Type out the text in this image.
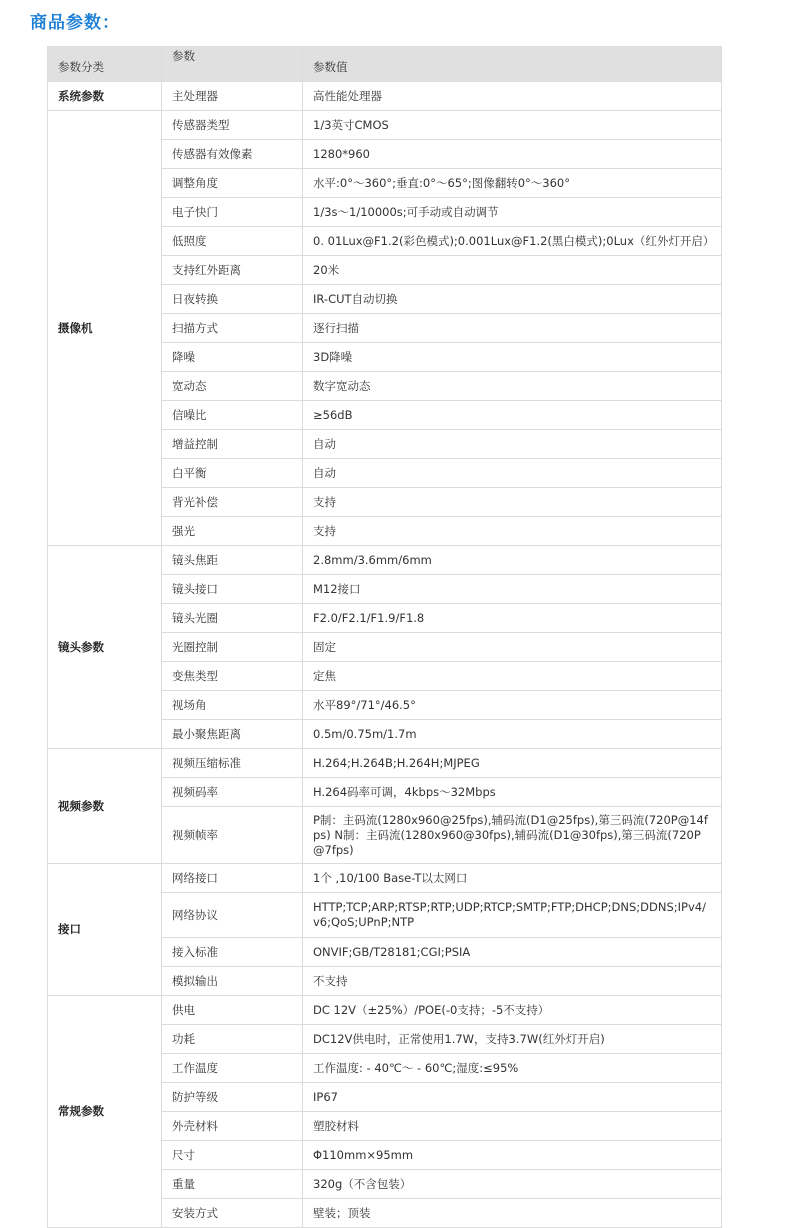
商品参数：
参数分类	参数	参数值
系统参数	主处理器	高性能处理器
摄像机	传感器类型	1/3英寸CMOS
	传感器有效像素	1280*960
	调整角度	水平:0°～360°;垂直:0°～65°;图像翻转0°～360°
	电子快门	1/3s～1/10000s;可手动或自动调节
	低照度	0. 01Lux@F1.2(彩色模式);0.001Lux@F1.2(黑白模式);0Lux（红外灯开启）
	支持红外距离	20米
	日夜转换	IR-CUT自动切换
	扫描方式	逐行扫描
	降噪	3D降噪
	宽动态	数字宽动态
	信噪比	≥56dB
	增益控制	自动
	白平衡	自动
	背光补偿	支持
	强光	支持
镜头参数	镜头焦距	2.8mm/3.6mm/6mm
	镜头接口	M12接口
	镜头光圈	F2.0/F2.1/F1.9/F1.8
	光圈控制	固定
	变焦类型	定焦
	视场角	水平89°/71°/46.5°
	最小聚焦距离	0.5m/0.75m/1.7m
视频参数	视频压缩标准	H.264;H.264B;H.264H;MJPEG
	视频码率	H.264码率可调，4kbps～32Mbps
	视频帧率	P制：主码流(1280x960@25fps),辅码流(D1@25fps),第三码流(720P@14fps) N制：主码流(1280x960@30fps),辅码流(D1@30fps),第三码流(720P@7fps)
接口	网络接口	1个 ,10/100 Base-T以太网口
	网络协议	HTTP;TCP;ARP;RTSP;RTP;UDP;RTCP;SMTP;FTP;DHCP;DNS;DDNS;IPv4/v6;QoS;UPnP;NTP
	接入标准	ONVIF;GB/T28181;CGI;PSIA
	模拟输出	不支持
常规参数	供电	DC 12V（±25%）/POE(-0支持；-5不支持）
	功耗	DC12V供电时，正常使用1.7W，支持3.7W(红外灯开启)
	工作温度	工作温度: - 40℃～ - 60℃;湿度:≤95%
	防护等级	IP67
	外壳材料	塑胶材料
	尺寸	Φ110mm×95mm
	重量	320g（不含包装）
	安装方式	壁装；顶装
